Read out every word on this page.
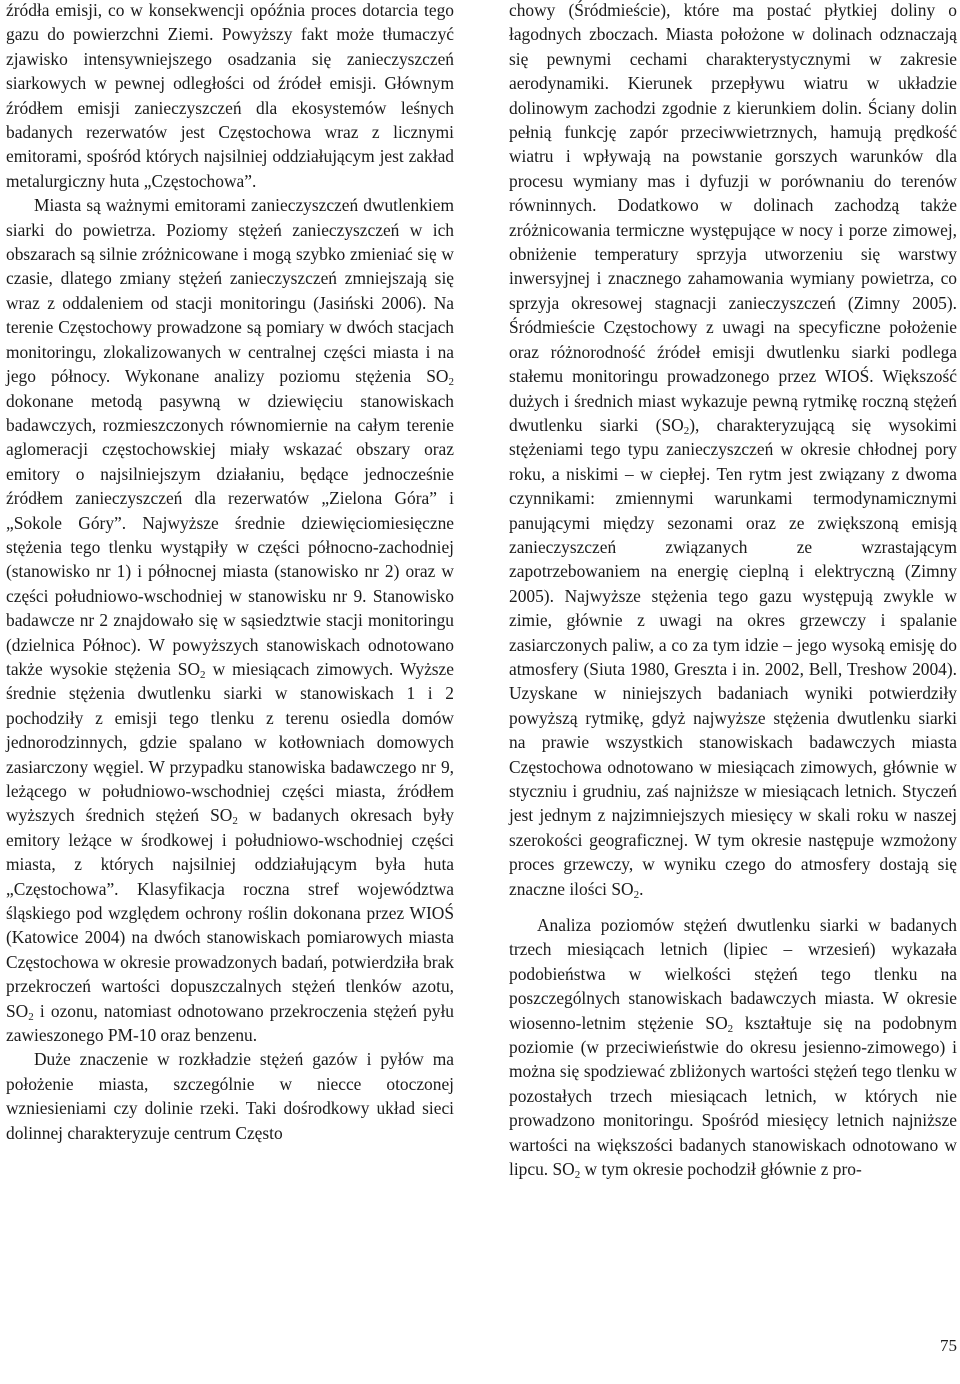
źródła emisji, co w konsekwencji opóźnia proces dotarcia tego gazu do powierzchni Ziemi. Powyższy fakt może tłumaczyć zjawisko intensywniejszego osadzania się zanieczyszczeń siarkowych w pewnej odległości od źródeł emisji. Głównym źródłem emisji zanieczyszczeń dla ekosystemów leśnych badanych rezerwatów jest Częstochowa wraz z licznymi emitorami, spośród których najsilniej oddziałującym jest zakład metalurgiczny huta „Częstochowa”.

Miasta są ważnymi emitorami zanieczyszczeń dwutlenkiem siarki do powietrza. Poziomy stężeń zanieczyszczeń w ich obszarach są silnie zróżnicowane i mogą szybko zmieniać się w czasie, dlatego zmiany stężeń zanieczyszczeń zmniejszają się wraz z oddaleniem od stacji monitoringu (Jasiński 2006). Na terenie Częstochowy prowadzone są pomiary w dwóch stacjach monitoringu, zlokalizowanych w centralnej części miasta i na jego północy. Wykonane analizy poziomu stężenia $SO_2$ dokonane metodą pasywną w dziewięciu stanowiskach badawczych, rozmieszczonych równomiernie na całym terenie aglomeracji częstochowskiej miały wskazać obszary oraz emitory o najsilniejszym działaniu, będące jednocześnie źródłem zanieczyszczeń dla rezerwatów „Zielona Góra” i „Sokole Góry”. Najwyższe średnie dziewięciomiesięczne stężenia tego tlenku wystąpiły w części północno-zachodniej (stanowisko nr 1) i północnej miasta (stanowisko nr 2) oraz w części południowo-wschodniej w stanowisku nr 9. Stanowisko badawcze nr 2 znajdowało się w sąsiedztwie stacji monitoringu (dzielnica Północ). W powyższych stanowiskach odnotowano także wysokie stężenia $SO_2$ w miesiącach zimowych. Wyższe średnie stężenia dwutlenku siarki w stanowiskach 1 i 2 pochodziły z emisji tego tlenku z terenu osiedla domów jednorodzinnych, gdzie spalano w kotłowniach domowych zasiarczony węgiel. W przypadku stanowiska badawczego nr 9, leżącego w południowo-wschodniej części miasta, źródłem wyższych średnich stężeń $SO_2$ w badanych okresach były emitory leżące w środkowej i południowo-wschodniej części miasta, z których najsilniej oddziałującym była huta „Częstochowa”. Klasyfikacja roczna stref województwa śląskiego pod względem ochrony roślin dokonana przez WIOŚ (Katowice 2004) na dwóch stanowiskach pomiarowych miasta Częstochowa w okresie prowadzonych badań, potwierdziła brak przekroczeń wartości dopuszczalnych stężeń tlenków azotu, $SO_2$ i ozonu, natomiast odnotowano przekroczenia stężeń pyłu zawieszonego PM-10 oraz benzenu.

Duże znaczenie w rozkładzie stężeń gazów i pyłów ma położenie miasta, szczególnie w niecce otoczonej wzniesieniami czy dolinie rzeki. Taki dośrodkowy układ sieci dolinnej charakteryzuje centrum Często

chowy (Śródmieście), które ma postać płytkiej doliny o łagodnych zboczach. Miasta położone w dolinach odznaczają się pewnymi cechami charakterystycznymi w zakresie aerodynamiki. Kierunek przepływu wiatru w układzie dolinowym zachodzi zgodnie z kierunkiem dolin. Ściany dolin pełnią funkcję zapór przeciwwietrznych, hamują prędkość wiatru i wpływają na powstanie gorszych warunków dla procesu wymiany mas i dyfuzji w porównaniu do terenów równinnych. Dodatkowo w dolinach zachodzą także zróżnicowania termiczne występujące w nocy i porze zimowej, obniżenie temperatury sprzyja utworzeniu się warstwy inwersyjnej i znacznego zahamowania wymiany powietrza, co sprzyja okresowej stagnacji zanieczyszczeń (Zimny 2005). Śródmieście Częstochowy z uwagi na specyficzne położenie oraz różnorodność źródeł emisji dwutlenku siarki podlega stałemu monitoringu prowadzonego przez WIOŚ. Większość dużych i średnich miast wykazuje pewną rytmikę roczną stężeń dwutlenku siarki $(SO_2)$, charakteryzującą się wysokimi stężeniami tego typu zanieczyszczeń w okresie chłodnej pory roku, a niskimi – w ciepłej. Ten rytm jest związany z dwoma czynnikami: zmiennymi warunkami termodynamicznymi panującymi między sezonami oraz ze zwiększoną emisją zanieczyszczeń związanych ze wzrastającym zapotrzebowaniem na energię cieplną i elektryczną (Zimny 2005). Najwyższe stężenia tego gazu występują zwykle w zimie, głównie z uwagi na okres grzewczy i spalanie zasiarczonych paliw, a co za tym idzie – jego wysoką emisję do atmosfery (Siuta 1980, Greszta i in. 2002, Bell, Treshow 2004). Uzyskane w niniejszych badaniach wyniki potwierdziły powyższą rytmikę, gdyż najwyższe stężenia dwutlenku siarki na prawie wszystkich stanowiskach badawczych miasta Częstochowa odnotowano w miesiącach zimowych, głównie w styczniu i grudniu, zaś najniższe w miesiącach letnich. Styczeń jest jednym z najzimniejszych miesięcy w skali roku w naszej szerokości geograficznej. W tym okresie następuje wzmożony proces grzewczy, w wyniku czego do atmosfery dostają się znaczne ilości $SO_2$.

Analiza poziomów stężeń dwutlenku siarki w badanych trzech miesiącach letnich (lipiec – wrzesień) wykazała podobieństwa w wielkości stężeń tego tlenku na poszczególnych stanowiskach badawczych miasta. W okresie wiosenno-letnim stężenie $SO_2$ kształtuje się na podobnym poziomie (w przeciwieństwie do okresu jesienno-zimowego) i można się spodziewać zbliżonych wartości stężeń tego tlenku w pozostałych trzech miesiącach letnich, w których nie prowadzono monitoringu. Spośród miesięcy letnich najniższe wartości na większości badanych stanowiskach odnotowano w lipcu. $SO_2$ w tym okresie pochodził głównie z pro-

75
